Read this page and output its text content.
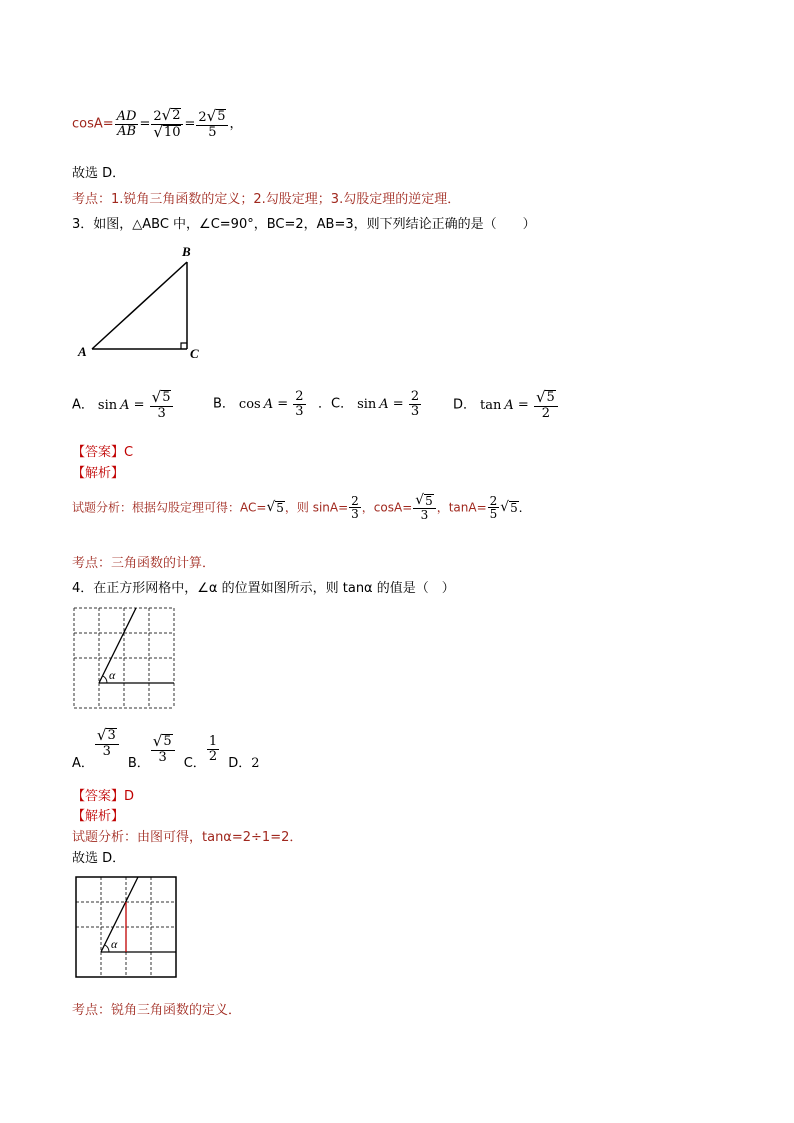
$\cos A= \frac{AD}{AB} = \frac{2 √ 2}{√ 10} = \frac{2 √ 5}{5}$ ，
故选 D．
考点：1.锐角三角函数的定义；2.勾股定理；3.勾股定理的逆定理．
3．如图，△ABC 中，∠C=90°，BC=2，AB=3，则下列结论正确的是（　　）
A
B
C
A． $\sin A = \frac{√ 5}{3}$	B． $\cos A = \frac{2}{3}$ ．C． $\sin A = \frac{2}{3}$ D． $\tan A = \frac{√ 5}{2}$
【答案】C
【解析】
试题分析：根据勾股定理可得：AC= √ 5 ，则 $\sin A= \frac{2}{3}$ ，$\cos A= \frac{√ 5}{3}$ ，$\tan A= \frac{2}{5}$ √ 5 ．
考点：三角函数的计算．
4．在正方形网格中，∠α 的位置如图所示，则 tanα 的值是（　）
α
A．
$\frac{√ 3}{3}$
B． $\frac{√ 5}{3}$ C． $\frac{1}{2}$ D．2
【答案】D
【解析】
试题分析：由图可得，tanα=2÷1=2．
故选 D．
α
考点：锐角三角函数的定义．
